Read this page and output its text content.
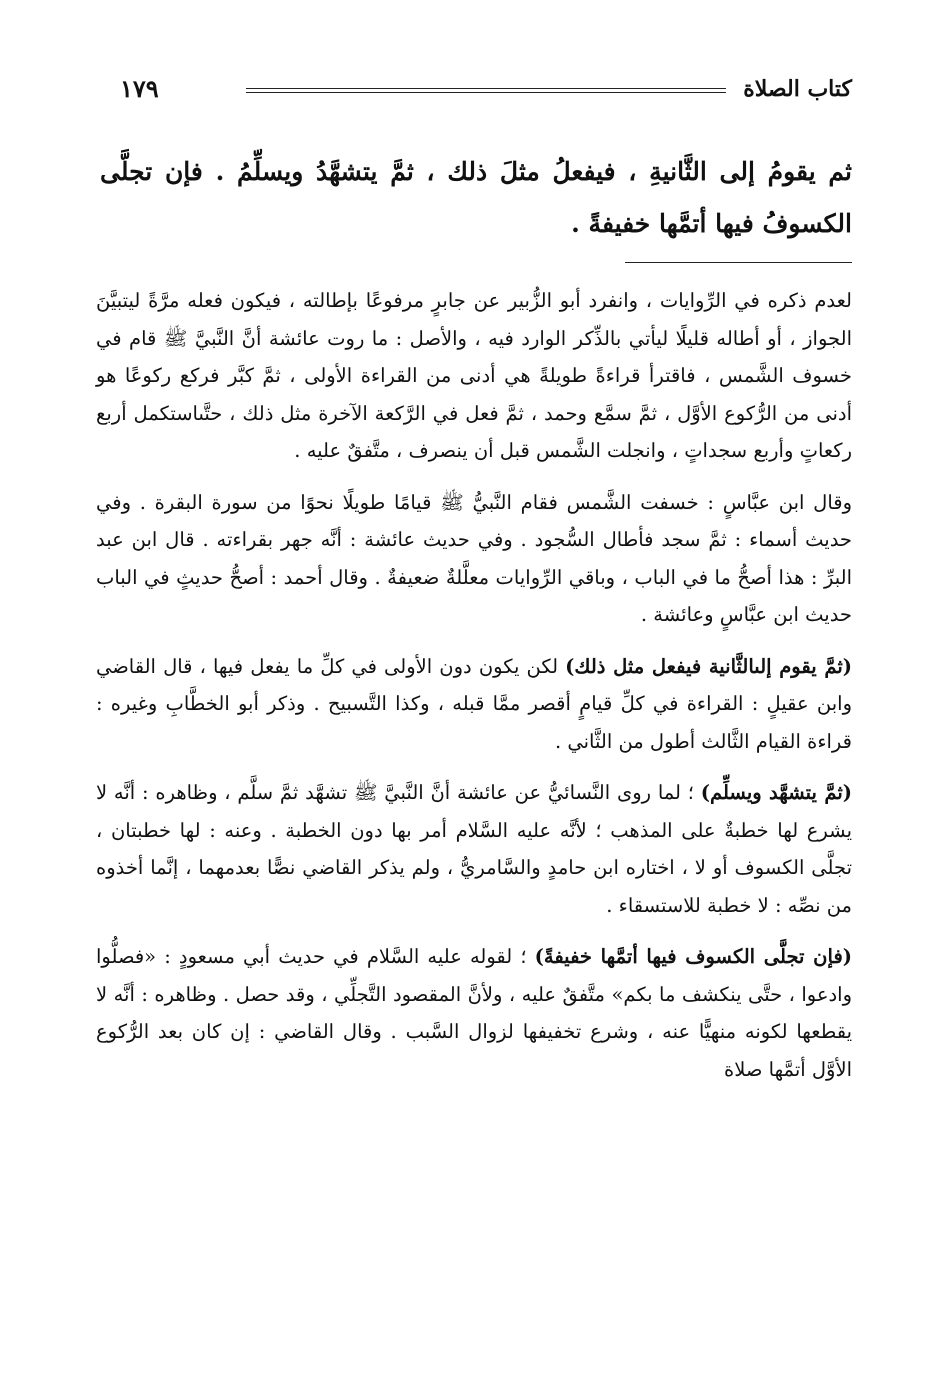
كتاب الصلاة
١٧٩
ثم يقومُ إلى الثَّانيةِ ، فيفعلُ مثلَ ذلك ، ثمَّ يتشهَّدُ ويسلِّمُ . فإن تجلَّى الكسوفُ فيها أتمَّها خفيفةً .

لعدم ذكره في الرِّوايات ، وانفرد أبو الزُّبير عن جابرٍ مرفوعًا بإطالته ، فيكون فعله مرَّةً ليتبيَّنَ الجواز ، أو أطاله قليلًا ليأتي بالذِّكر الوارد فيه ، والأصل : ما روت عائشة أنَّ النَّبيَّ ﷺ قام في خسوف الشَّمس ، فاقترأ قراءةً طويلةً هي أدنى من القراءة الأولى ، ثمَّ كبَّر فركع ركوعًا هو أدنى من الرُّكوع الأوَّل ، ثمَّ سمَّع وحمد ، ثمَّ فعل في الرَّكعة الآخرة مثل ذلك ، حتَّىاستكمل أربع ركعاتٍ وأربع سجداتٍ ، وانجلت الشَّمس قبل أن ينصرف ، متَّفقٌ عليه .

وقال ابن عبَّاسٍ : خسفت الشَّمس فقام النَّبيُّ ﷺ قيامًا طويلًا نحوًا من سورة البقرة . وفي حديث أسماء : ثمَّ سجد فأطال السُّجود . وفي حديث عائشة : أنَّه جهر بقراءته . قال ابن عبد البرِّ : هذا أصحُّ ما في الباب ، وباقي الرِّوايات معلَّلةٌ ضعيفةٌ . وقال أحمد : أصحُّ حديثٍ في الباب حديث ابن عبَّاسٍ وعائشة .

(ثمَّ يقوم إلىالثَّانية فيفعل مثل ذلك) لكن يكون دون الأولى في كلِّ ما يفعل فيها ، قال القاضي وابن عقيلٍ : القراءة في كلِّ قيامٍ أقصر ممَّا قبله ، وكذا التَّسبيح . وذكر أبو الخطَّابِ وغيره : قراءة القيام الثَّالث أطول من الثَّاني .

(ثمَّ يتشهَّد ويسلِّم) ؛ لما روى النَّسائيُّ عن عائشة أنَّ النَّبيَّ ﷺ تشهَّد ثمَّ سلَّم ، وظاهره : أنَّه لا يشرع لها خطبةٌ على المذهب ؛ لأنَّه عليه السَّلام أمر بها دون الخطبة . وعنه : لها خطبتان ، تجلَّى الكسوف أو لا ، اختاره ابن حامدٍ والسَّامريُّ ، ولم يذكر القاضي نصًّا بعدمهما ، إنَّما أخذوه من نصِّه : لا خطبة للاستسقاء .

(فإن تجلَّى الكسوف فيها أتمَّها خفيفةً) ؛ لقوله عليه السَّلام في حديث أبي مسعودٍ : «فصلُّوا وادعوا ، حتَّى ينكشف ما بكم» متَّفقٌ عليه ، ولأنَّ المقصود التَّجلِّي ، وقد حصل . وظاهره : أنَّه لا يقطعها لكونه منهيًّا عنه ، وشرع تخفيفها لزوال السَّبب . وقال القاضي : إن كان بعد الرُّكوع الأوَّل أتمَّها صلاة
